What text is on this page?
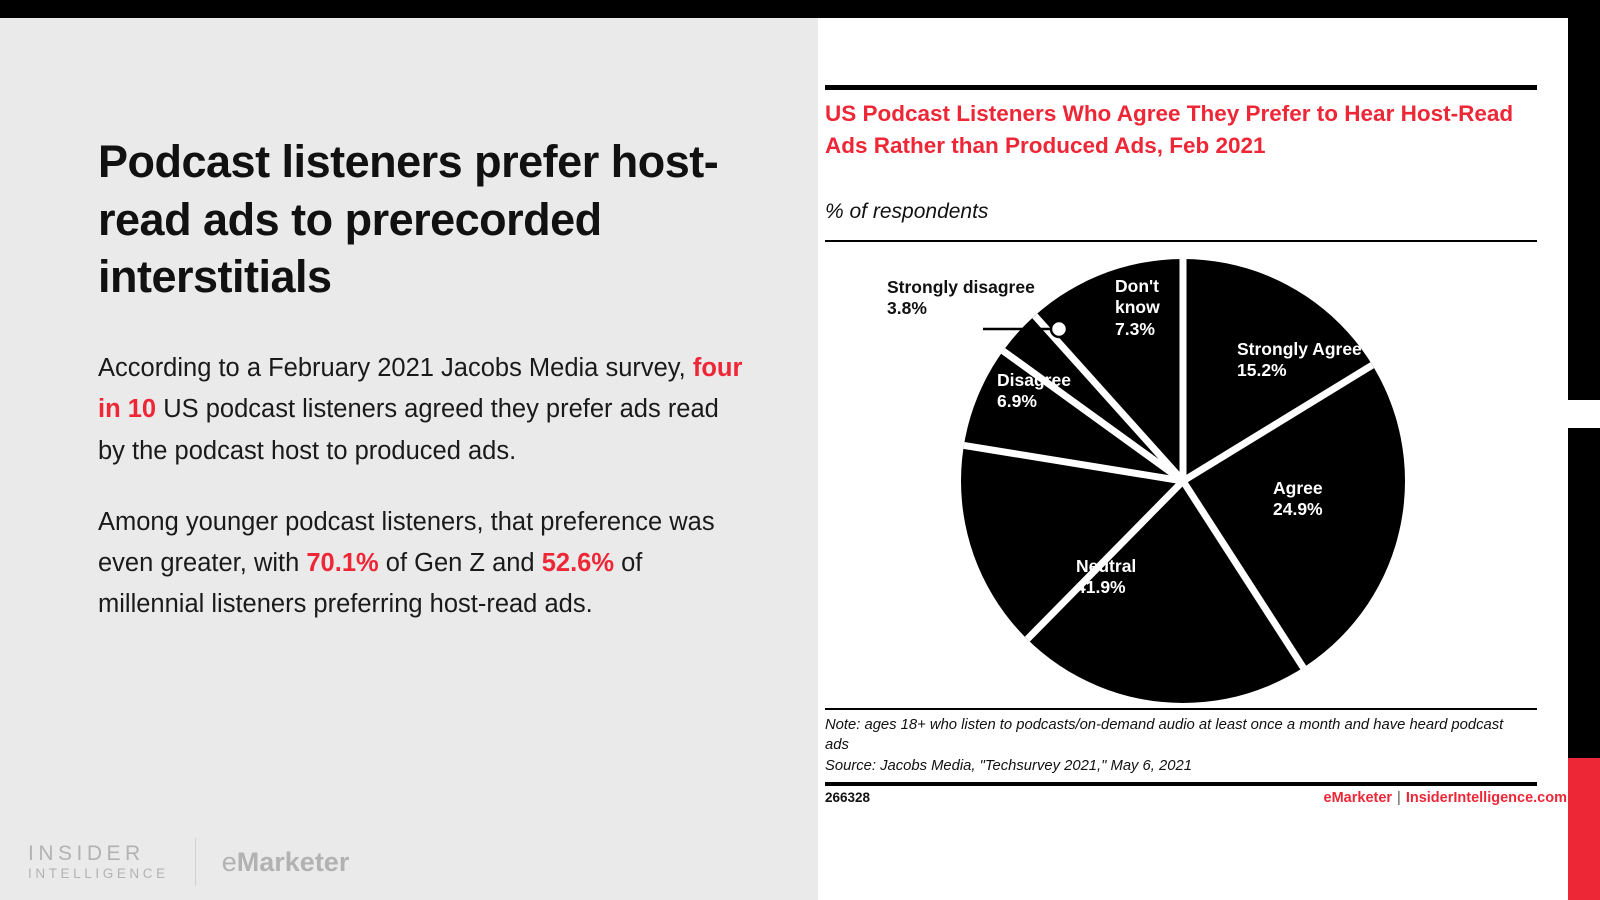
Podcast listeners prefer host-read ads to prerecorded interstitials

According to a February 2021 Jacobs Media survey, four in 10 US podcast listeners agreed they prefer ads read by the podcast host to produced ads.

Among younger podcast listeners, that preference was even greater, with 70.1% of Gen Z and 52.6% of millennial listeners preferring host-read ads.

INSIDER
INTELLIGENCE eMarketer
US Podcast Listeners Who Agree They Prefer to Hear Host-Read Ads Rather than Produced Ads, Feb 2021
% of respondents
Strongly Agree
15.2%
Agree
24.9%
Neutral
41.9%
Disagree
6.9%
Strongly disagree
3.8%
Don't
know
7.3%
Note: ages 18+ who listen to podcasts/on-demand audio at least once a month and have heard podcast ads
Source: Jacobs Media, "Techsurvey 2021," May 6, 2021
266328	eMarketer | InsiderIntelligence.com
